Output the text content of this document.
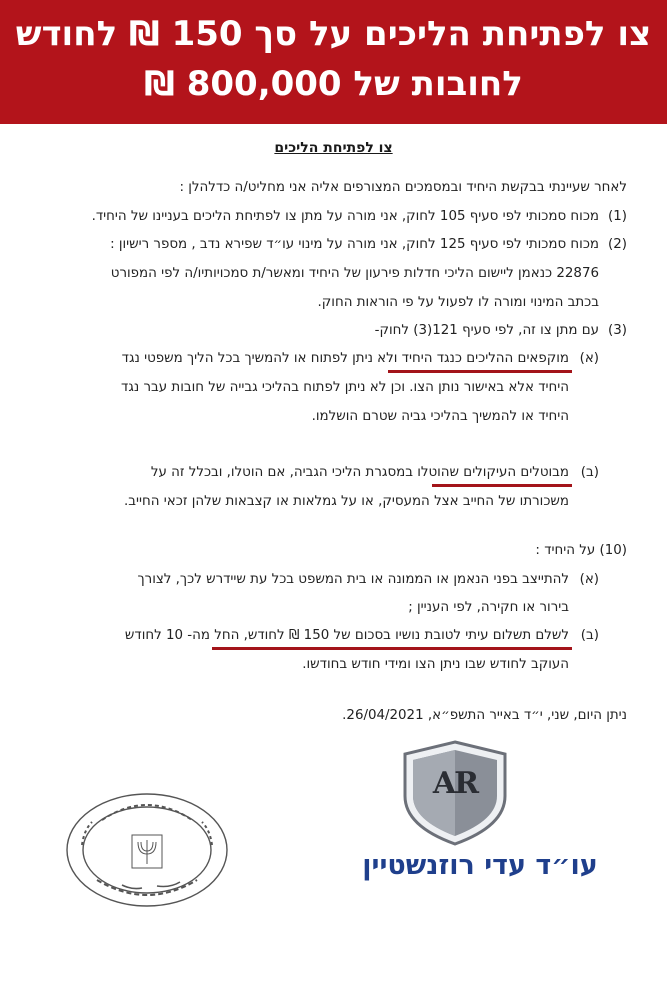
צו לפתיחת הליכים על סך 150 ₪ לחודש
לחובות של 800,000 ₪
צו לפתיחת הליכים
לאחר שעיינתי בבקשת היחיד ובמסמכים המצורפים אליה אני מחליט/ה כדלהלן :
(1)
מכוח סמכותי לפי סעיף 105 לחוק, אני מורה על מתן צו לפתיחת הליכים בעניינו של היחיד.
(2)
מכוח סמכותי לפי סעיף 125 לחוק, אני מורה על מינוי עו״ד שפירא נדב , מספר רישיון :
22876 כנאמן ליישום הליכי חדלות פירעון של היחיד ומאשר/ת סמכויותיו/ה לפי המפורט
בכתב המינוי ומורה לו לפעול על פי הוראות החוק.
(3)
עם מתן צו זה, לפי סעיף 121(3) לחוק-
(א)
מוקפאים ההליכים כנגד היחיד ולא ניתן לפתוח או להמשיך בכל הליך משפטי נגד
היחיד אלא באישור נותן הצו. וכן לא ניתן לפתוח בהליכי גבייה של חובות עבר נגד
היחיד או להמשיך בהליכי גביה שטרם הושלמו.
(ב)
מבוטלים העיקולים שהוטלו במסגרת הליכי הגביה, אם הוטלו, ובכלל זה על
משכורתו של החייב אצל המעסיק, או על גמלאות או קצבאות שלהן זכאי החייב.
(10) על היחיד :
(א)
להתייצב בפני הנאמן או הממונה או בית המשפט בכל עת שיידרש לכך, לצורך
בירור או חקירה, לפי העניין ;
(ב)
לשלם תשלום עיתי לטובת נושיו בסכום של 150 ₪ לחודש, החל מה- 10 לחודש
העוקב לחודש שבו ניתן הצו ומידי חודש בחודשו.
ניתן היום, שני, י״ד באייר התשפ״א, 26/04/2021.
AR
עו״ד עדי רוזנשטיין
